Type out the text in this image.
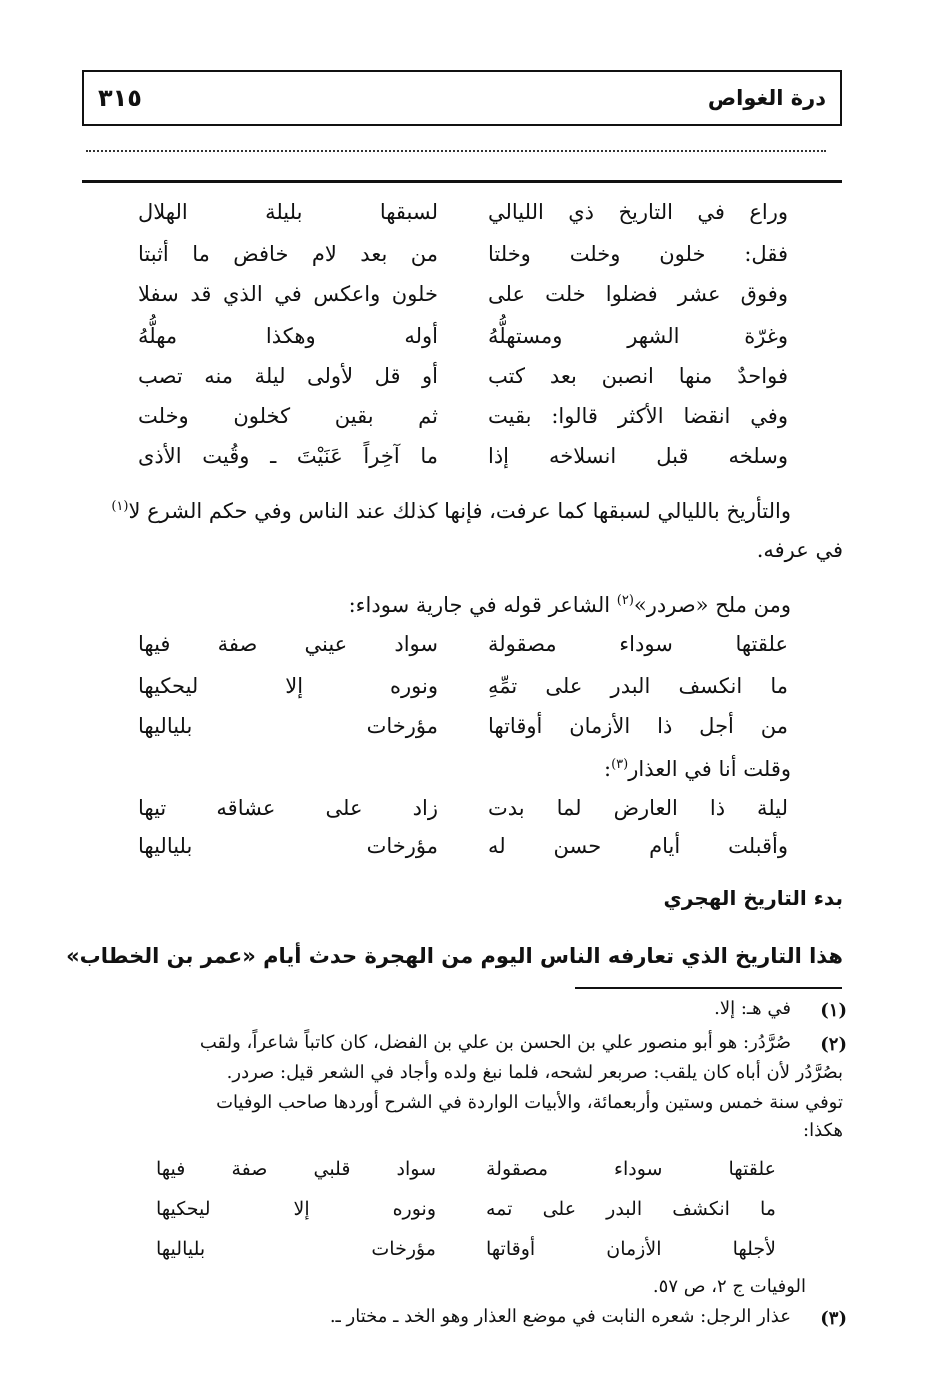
درة الغواص
٣١٥
وراع في التاريخ ذي الليالي
لسبقها بليلة الهلال
فقل: خلون وخلت وخلتا
من بعد لام خافض ما أثبتا
وفوق عشر فضلوا خلت على
خلون واعكس في الذي قد سفلا
وغرّة الشهر ومستهلُّهُ
أوله وهكذا مهلُّهُ
فواحدٌ منها انصبن بعد كتب
أو قل لأولى ليلة منه تصب
وفي انقضا الأكثر قالوا: بقيت
ثم بقين كخلون وخلت
وسلخه قبل انسلاخه إذا
ما آخِراً عَنَيْتَ ـ وقُيت الأذى
والتأريخ بالليالي لسبقها كما عرفت، فإنها كذلك عند الناس وفي حكم الشرع لا$^{(١)}$
في عرفه.
ومن ملح «صردر»$^{(٢)}$ الشاعر قوله في جارية سوداء:
علقتها سوداء مصقولة
سواد عيني صفة فيها
ما انكسف البدر على تمِّهِ
ونوره إلا ليحكيها
من أجل ذا الأزمان أوقاتها
مؤرخات بلياليها
وقلت أنا في العذار$^{(٣)}$:
ليلة ذا العارض لما بدت
زاد على عشاقه تيها
وأقبلت أيام حسن له
مؤرخات بلياليها
بدء التاريخ الهجري
هذا التاريخ الذي تعارفه الناس اليوم من الهجرة حدث أيام «عمر بن الخطاب»
(١)
في هـ: إلا.
(٢)
صُرَّدُر: هو أبو منصور علي بن الحسن بن علي بن الفضل، كان كاتباً شاعراً، ولقب
بصُرَّدُر لأن أباه كان يلقب: صربعر لشحه، فلما نبغ ولده وأجاد في الشعر قيل: صردر.
توفي سنة خمس وستين وأربعمائة، والأبيات الواردة في الشرح أوردها صاحب الوفيات
هكذا:
علقتها سوداء مصقولة
سواد قلبي صفة فيها
ما انكشف البدر على تمه
ونوره إلا ليحكيها
لأجلها الأزمان أوقاتها
مؤرخات بلياليها
الوفيات ج ٢، ص ٥٧.
(٣)
عذار الرجل: شعره النابت في موضع العذار وهو الخد ـ مختار ـ.
